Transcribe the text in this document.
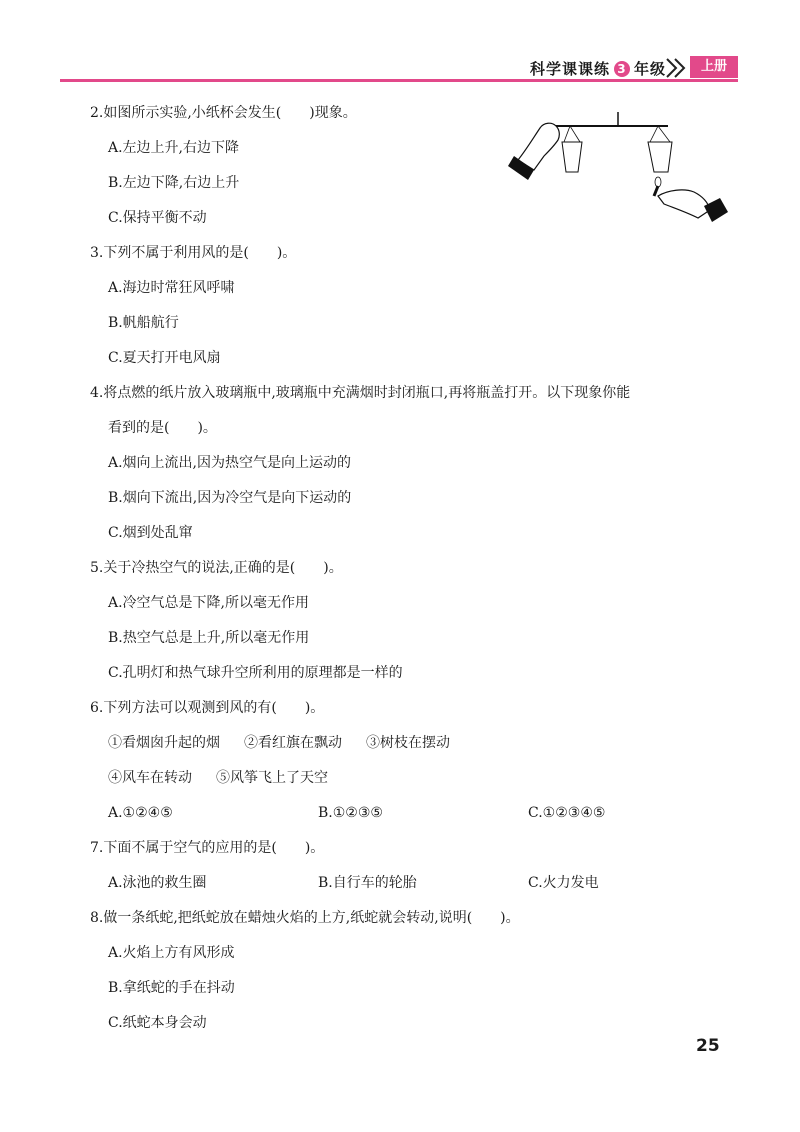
科学课课练 3 年级	上册
2.如图所示实验,小纸杯会发生(　　)现象。
A.左边上升,右边下降
B.左边下降,右边上升
C.保持平衡不动
3.下列不属于利用风的是(　　)。
A.海边时常狂风呼啸
B.帆船航行
C.夏天打开电风扇
4.将点燃的纸片放入玻璃瓶中,玻璃瓶中充满烟时封闭瓶口,再将瓶盖打开。以下现象你能
看到的是(　　)。
A.烟向上流出,因为热空气是向上运动的
B.烟向下流出,因为冷空气是向下运动的
C.烟到处乱窜
5.关于冷热空气的说法,正确的是(　　)。
A.冷空气总是下降,所以毫无作用
B.热空气总是上升,所以毫无作用
C.孔明灯和热气球升空所利用的原理都是一样的
6.下列方法可以观测到风的有(　　)。
①看烟囱升起的烟 ②看红旗在飘动 ③树枝在摆动
④风车在转动 ⑤风筝飞上了天空
A.①②④⑤	B.①②③⑤	C.①②③④⑤
7.下面不属于空气的应用的是(　　)。
A.泳池的救生圈	B.自行车的轮胎	C.火力发电
8.做一条纸蛇,把纸蛇放在蜡烛火焰的上方,纸蛇就会转动,说明(　　)。
A.火焰上方有风形成
B.拿纸蛇的手在抖动
C.纸蛇本身会动
25
